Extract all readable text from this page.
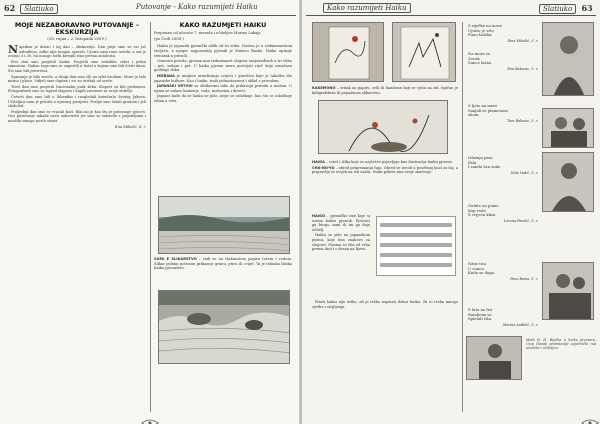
62 Slatiuko	Putovanje - Kako razumijeti Haiku
MOJE NEZABORAVNO PUTOVANJE – EKSKURZIJA
(28. rujna – 2. listopada 2009.)

Napokon je došao i taj dan – ekskurzija. Dan prije smo se svi još uzbuđeno, nitko nije mogao spavati. Ujutro sam rano ustala, a sat je zvonio 5 i 30. Sa mnogo torbi krenuli smo prema autobusu.

Prvi dan smo posjetili Zadar. Posjetili smo nekoliko crkvi i jedan samostan. Nakon toga smo se smjestili u hotel u kojem smo bili četiri dana. Svi smo bili presretni.

Spavanje je bilo veselo, a drugi dan smo išli na izlet brodom. More je bilo mirno i plavo. Vidjeli smo dupine i svi su vrištali od sreće.

Treći dan smo posjetili Nacionalni park Krka. Slapovi su bili prekrasni. Fotografirali smo se ispred slapova i kupili suvenire za svoje obitelji.

Četvrti dan smo bili u Šibeniku i razgledali katedralu Svetog Jakova. Učiteljica nam je pričala o njezinoj povijesti. Poslije smo šetali gradom i jeli sladoled.

Posljednji dan smo se vraćali kući. Bilo mi je žao što je putovanje gotovo. Ovo putovanje nikada neću zaboraviti jer sam se zabavila s prijateljima i naučila mnogo novih stvari.

Ena Mikolić, 8. r.
KAKO RAZUMJETI HAIKU

Prepisano od učenice 7. razreda i učiteljice Marine Lukaja

(po Čeđi 2008.)

Haiku je japanski pjesnički oblik od tri stiha. Nastao je u sedamnaestom stoljeću, a njegov najpoznatiji pjesnik je Matsuo Bashō. Haiku opisuje trenutak u prirodi.

Osnovna pravila: pjesma ima sedamnaest slogova raspoređenih u tri stiha – pet, sedam i pet. U haiku pjesmi mora postojati riječ koja označava godišnje doba.

IKEBANA je umijeće aranžiranja cvijeća i grančica koje je također dio japanske kulture. Kao i haiku, traži jednostavnost i sklad s prirodom.

JAPANSKI VRTOVI su oblikovani tako da prikazuju prirodu u malom. U njima se nalaze kamenje, voda, mahovina i drveće.

Japanci kažu da se haiku ne piše, nego se osluškuje, kao što se osluškuje tišina u vrtu.

SUMI E SLIKARSTVO – radi se na vlaknastom papiru tušem i vodom. Slikar jednim potezom prikazuje granu, pticu ili cvijet. Ta je tehnika bliska haiku pjesništvu.

Kako razumijeti Haiku	Slatiuko 63

KAKEMONO – svitak na papiru, svili ili bambusu koji se vješa na zid, tipičan je kaligrafskom ili pejzažnom slikarstvu.

HAIGA – crtež i slika koje se najčešće pojavljuju kao ilustracija haiku pjesme.

CHA-NO-YU – obred pripremanja čaja. Obred se izvodi u posebnoj kući za čaj, a pripravlja se uvijek na isti način. Svaki pokret ima svoje značenje.

HAIGO – pjesničko ime koje si uzima haiku pjesnik. Pjesnici ga biraju sami ili im ga daje učitelj.

Haiku se piše na japanskom pismu, koje ima znakove za slogove. Pjesma se čita od vrha prema dnu i s desna na lijevo.

Pisati haiku nije teško, ali je teško napisati dobar haiku. Za to treba mnogo vježbe i strpljenja.

S riječke na more
Ujutro je vrlo
Puno baloka
Ema Mikolić, 5. r.
Na more se
Zovak
Sunce lazno.
Ena Bakarac, 5. r.
S ljeto na more
Sanjali se plamenom
okom.
Tom Balonac, 5. r.
Izlaznja prsa
Pala
I zanda lica sudo
Nela Vadić, 5. r.
Gubite na pamo
Kap vode
S cvijeća klizu.
Lorena Pavelić, 5. r.
Sitne tica
U suncu
Kuda se daga.
Pavo Bama, 5. r.
S luta na list
Randjena se
Spletali tiša.
Marina Anđelić, 5. r.
Malá H. H. Bijelka u haiku prostoru. Ovaj članak predstavlja zajednički rad učenika i učiteljice.
